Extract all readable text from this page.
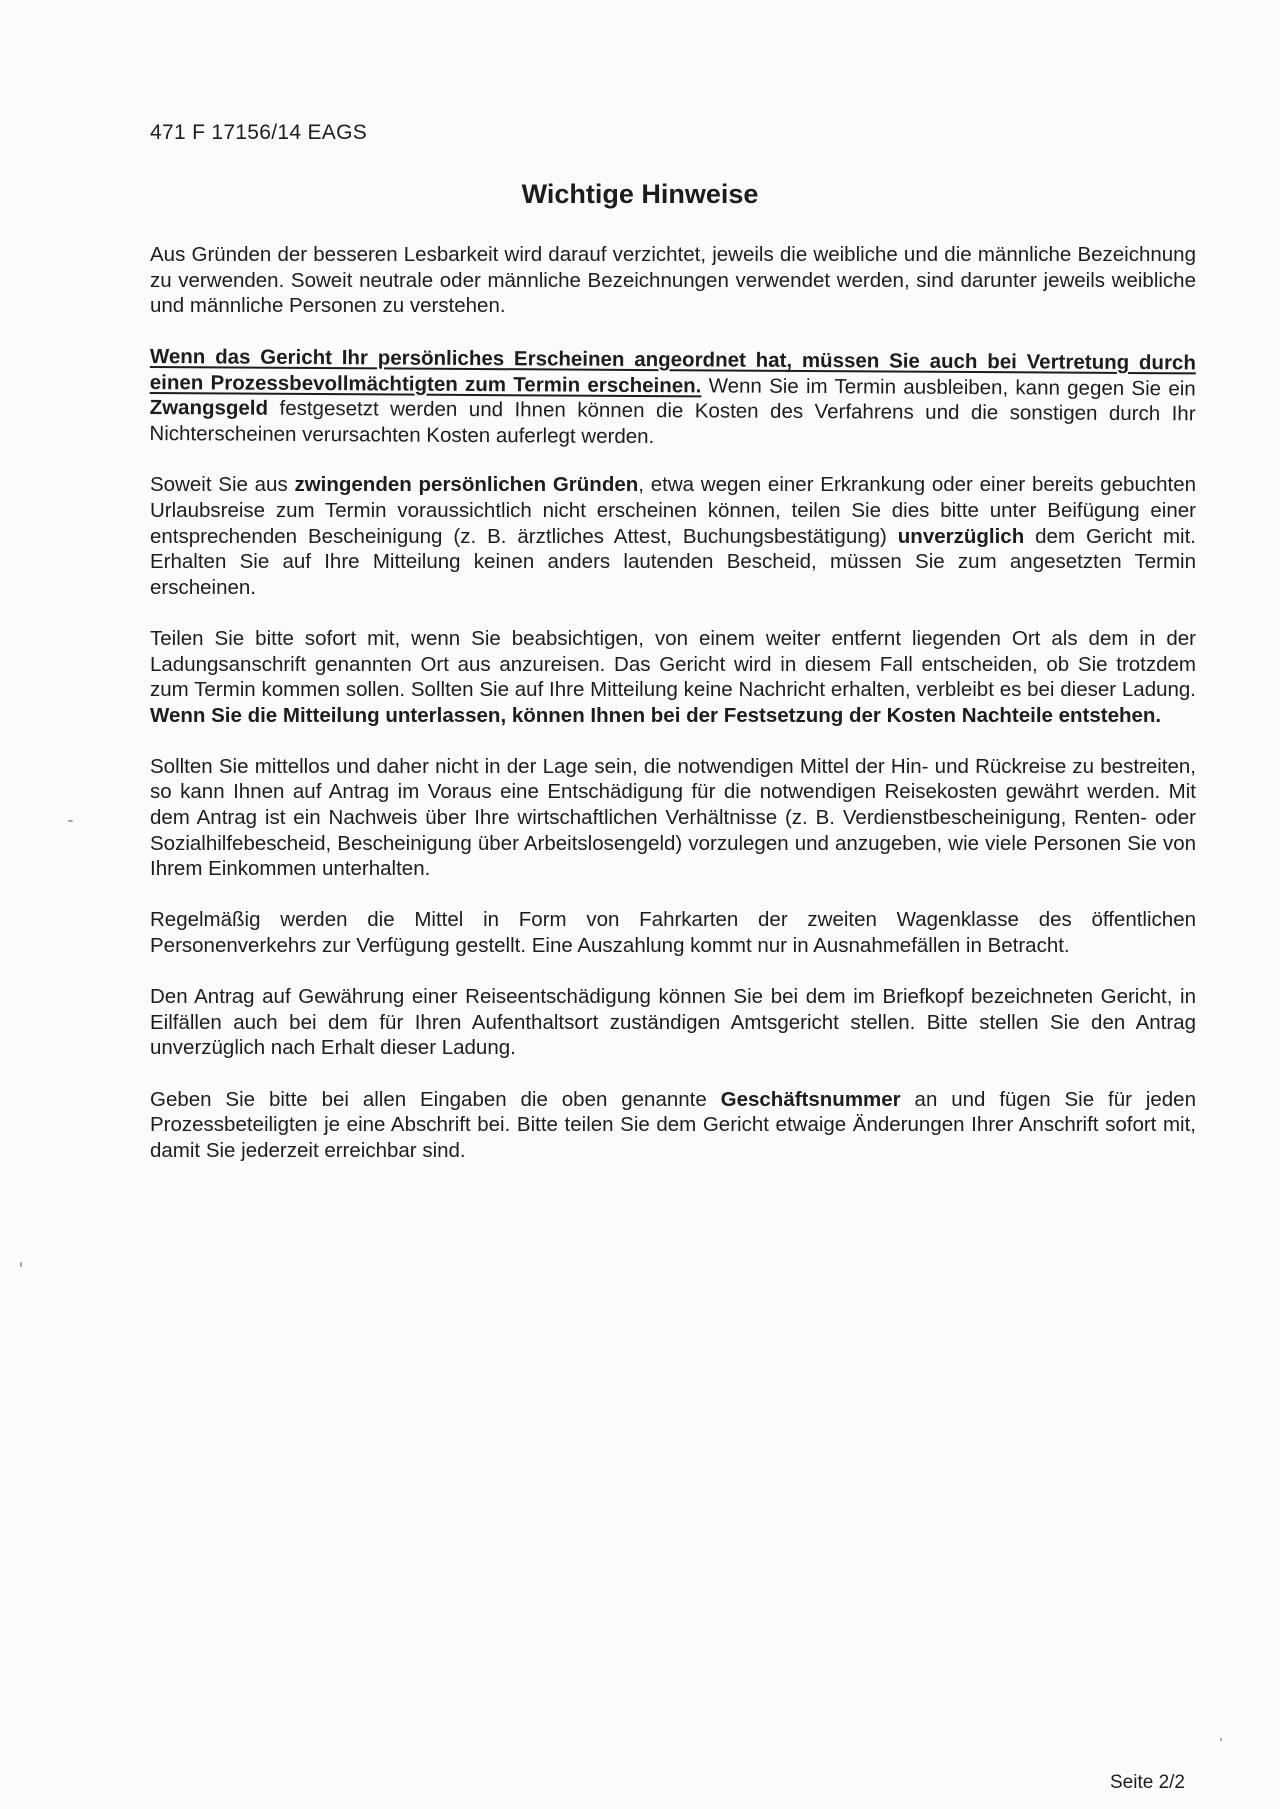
471 F 17156/14 EAGS
Wichtige Hinweise

Aus Gründen der besseren Lesbarkeit wird darauf verzichtet, jeweils die weibliche und die männliche Bezeichnung zu verwenden. Soweit neutrale oder männliche Bezeichnungen verwendet werden, sind darunter jeweils weibliche und männliche Personen zu verstehen.

Wenn das Gericht Ihr persönliches Erscheinen angeordnet hat, müssen Sie auch bei Vertretung durch einen Prozessbevollmächtigten zum Termin erscheinen. Wenn Sie im Termin ausbleiben, kann gegen Sie ein Zwangsgeld festgesetzt werden und Ihnen können die Kosten des Verfahrens und die sonstigen durch Ihr Nichterscheinen verursachten Kosten auferlegt werden.

Soweit Sie aus zwingenden persönlichen Gründen, etwa wegen einer Erkrankung oder einer bereits gebuchten Urlaubsreise zum Termin voraussichtlich nicht erscheinen können, teilen Sie dies bitte unter Beifügung einer entsprechenden Bescheinigung (z. B. ärztliches Attest, Buchungsbestätigung) unverzüglich dem Gericht mit. Erhalten Sie auf Ihre Mitteilung keinen anders lautenden Bescheid, müssen Sie zum angesetzten Termin erscheinen.

Teilen Sie bitte sofort mit, wenn Sie beabsichtigen, von einem weiter entfernt liegenden Ort als dem in der Ladungsanschrift genannten Ort aus anzureisen. Das Gericht wird in diesem Fall entscheiden, ob Sie trotzdem zum Termin kommen sollen. Sollten Sie auf Ihre Mitteilung keine Nachricht erhalten, verbleibt es bei dieser Ladung. Wenn Sie die Mitteilung unterlassen, können Ihnen bei der Festsetzung der Kosten Nachteile entstehen.

Sollten Sie mittellos und daher nicht in der Lage sein, die notwendigen Mittel der Hin- und Rückreise zu bestreiten, so kann Ihnen auf Antrag im Voraus eine Entschädigung für die notwendigen Reisekosten gewährt werden. Mit dem Antrag ist ein Nachweis über Ihre wirtschaftlichen Verhältnisse (z. B. Verdienstbescheinigung, Renten- oder Sozialhilfebescheid, Bescheinigung über Arbeitslosengeld) vorzulegen und anzugeben, wie viele Personen Sie von Ihrem Einkommen unterhalten.

Regelmäßig werden die Mittel in Form von Fahrkarten der zweiten Wagenklasse des öffentlichen Personenverkehrs zur Verfügung gestellt. Eine Auszahlung kommt nur in Ausnahmefällen in Betracht.

Den Antrag auf Gewährung einer Reiseentschädigung können Sie bei dem im Briefkopf bezeichneten Gericht, in Eilfällen auch bei dem für Ihren Aufenthaltsort zuständigen Amtsgericht stellen. Bitte stellen Sie den Antrag unverzüglich nach Erhalt dieser Ladung.

Geben Sie bitte bei allen Eingaben die oben genannte Geschäftsnummer an und fügen Sie für jeden Prozessbeteiligten je eine Abschrift bei. Bitte teilen Sie dem Gericht etwaige Änderungen Ihrer Anschrift sofort mit, damit Sie jederzeit erreichbar sind.

Seite 2/2
